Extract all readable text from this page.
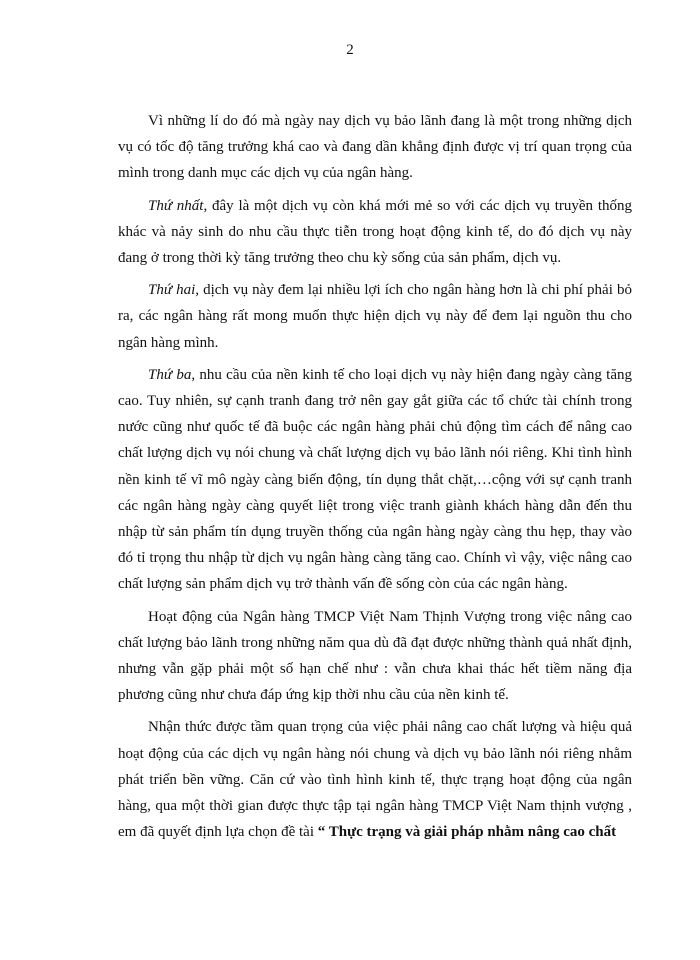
2

Vì những lí do đó mà ngày nay dịch vụ bảo lãnh đang là một trong những dịch vụ có tốc độ tăng trưởng khá cao và đang dần khẳng định được vị trí quan trọng của mình trong danh mục các dịch vụ của ngân hàng.

Thứ nhất, đây là một dịch vụ còn khá mới mẻ so với các dịch vụ truyền thống khác và nảy sinh do nhu cầu thực tiễn trong hoạt động kinh tế, do đó dịch vụ này đang ở trong thời kỳ tăng trưởng theo chu kỳ sống của sản phẩm, dịch vụ.

Thứ hai, dịch vụ này đem lại nhiều lợi ích cho ngân hàng hơn là chi phí phải bỏ ra, các ngân hàng rất mong muốn thực hiện dịch vụ này để đem lại nguồn thu cho ngân hàng mình.

Thứ ba, nhu cầu của nền kinh tế cho loại dịch vụ này hiện đang ngày càng tăng cao. Tuy nhiên, sự cạnh tranh đang trở nên gay gắt giữa các tổ chức tài chính trong nước cũng như quốc tế đã buộc các ngân hàng phải chủ động tìm cách để nâng cao chất lượng dịch vụ nói chung và chất lượng dịch vụ bảo lãnh nói riêng. Khi tình hình nền kinh tế vĩ mô ngày càng biến động, tín dụng thắt chặt,…cộng với sự cạnh tranh các ngân hàng ngày càng quyết liệt trong việc tranh giành khách hàng dẫn đến thu nhập từ sản phẩm tín dụng truyền thống của ngân hàng ngày càng thu hẹp, thay vào đó tỉ trọng thu nhập từ dịch vụ ngân hàng càng tăng cao. Chính vì vậy, việc nâng cao chất lượng sản phẩm dịch vụ trở thành vấn đề sống còn của các ngân hàng.

Hoạt động của Ngân hàng TMCP Việt Nam Thịnh Vượng trong việc nâng cao chất lượng bảo lãnh trong những năm qua dù đã đạt được những thành quả nhất định, nhưng vẫn gặp phải một số hạn chế như : vẫn chưa khai thác hết tiềm năng địa phương cũng như chưa đáp ứng kịp thời nhu cầu của nền kinh tế.

Nhận thức được tầm quan trọng của việc phải nâng cao chất lượng và hiệu quả hoạt động của các dịch vụ ngân hàng nói chung và dịch vụ bảo lãnh nói riêng nhằm phát triển bền vững. Căn cứ vào tình hình kinh tế, thực trạng hoạt động của ngân hàng, qua một thời gian được thực tập tại ngân hàng TMCP Việt Nam thịnh vượng , em đã quyết định lựa chọn đề tài “ Thực trạng và giải pháp nhằm nâng cao chất
